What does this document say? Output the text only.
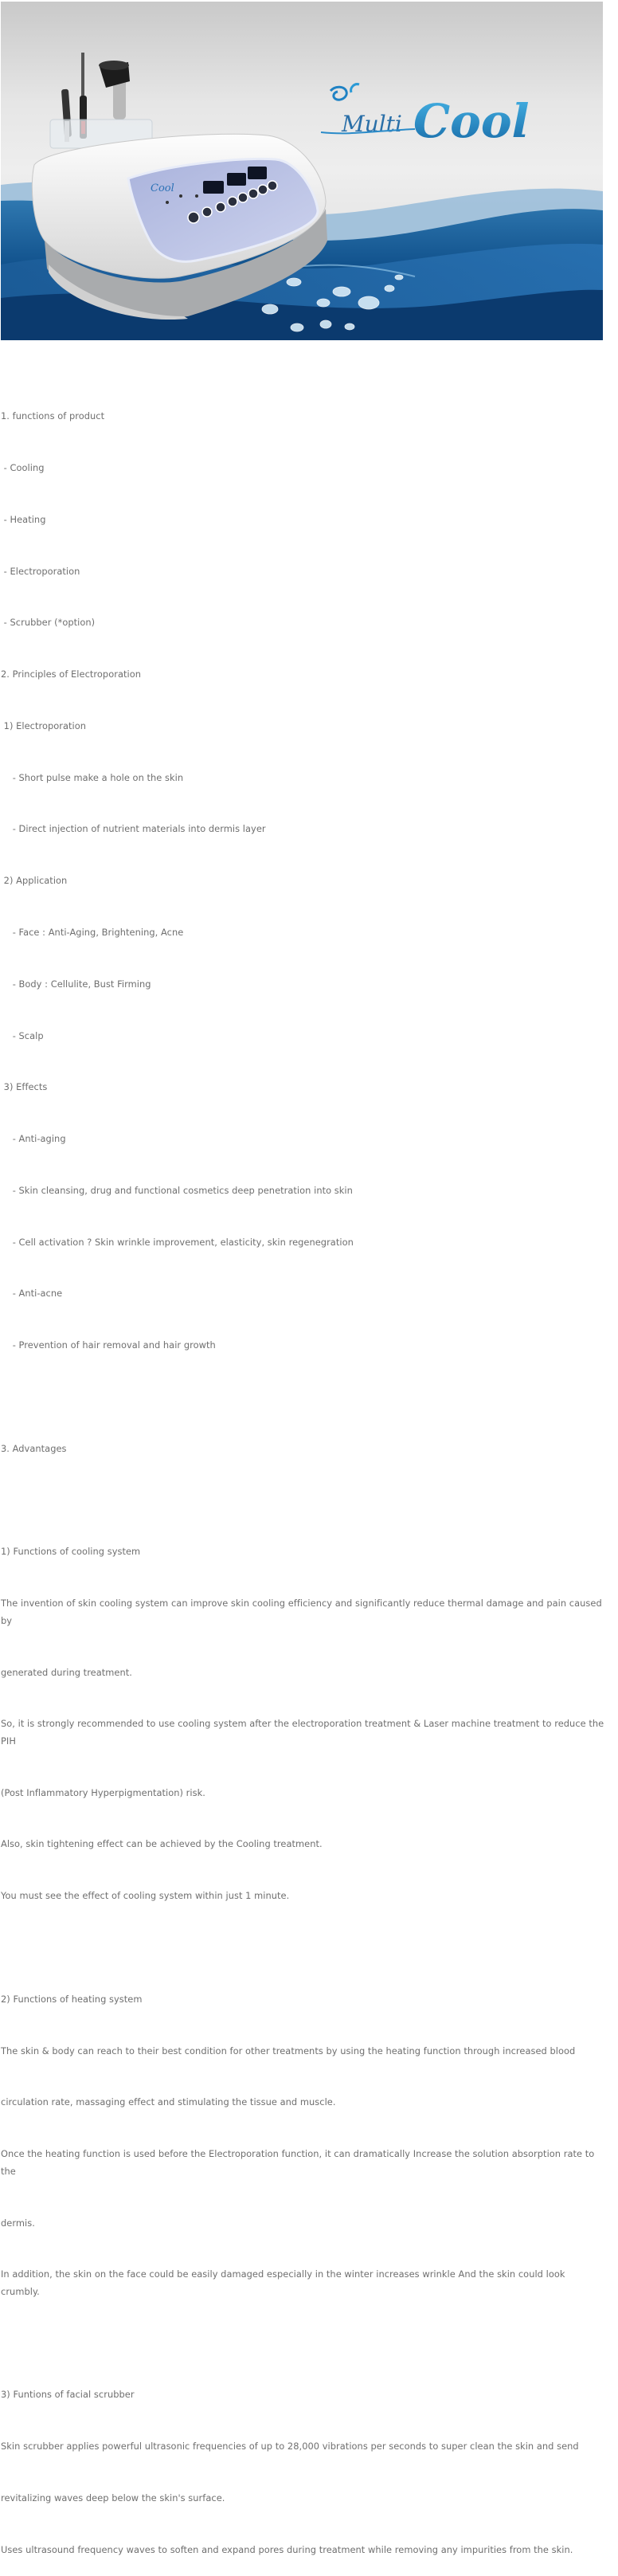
Cool
Multi Cool

1. functions of product

- Cooling

- Heating

- Electroporation

- Scrubber (*option)

2. Principles of Electroporation

1) Electroporation

- Short pulse make a hole on the skin

- Direct injection of nutrient materials into dermis layer

2) Application

- Face : Anti-Aging, Brightening, Acne

- Body : Cellulite, Bust Firming

- Scalp

3) Effects

- Anti-aging

- Skin cleansing, drug and functional cosmetics deep penetration into skin

- Cell activation ? Skin wrinkle improvement, elasticity, skin regenegration

- Anti-acne

- Prevention of hair removal and hair growth

3. Advantages

1) Functions of cooling system

The invention of skin cooling system can improve skin cooling efficiency and significantly reduce thermal damage and pain caused by

generated during treatment.

So, it is strongly recommended to use cooling system after the electroporation treatment & Laser machine treatment to reduce the PIH

(Post Inflammatory Hyperpigmentation) risk.

Also, skin tightening effect can be achieved by the Cooling treatment.

You must see the effect of cooling system within just 1 minute.

2) Functions of heating system

The skin & body can reach to their best condition for other treatments by using the heating function through increased blood

circulation rate, massaging effect and stimulating the tissue and muscle.

Once the heating function is used before the Electroporation function, it can dramatically Increase the solution absorption rate to the

dermis.

In addition, the skin on the face could be easily damaged especially in the winter increases wrinkle And the skin could look crumbly.

3) Funtions of facial scrubber

Skin scrubber applies powerful ultrasonic frequencies of up to 28,000 vibrations per seconds to super clean the skin and send

revitalizing waves deep below the skin's surface.

Uses ultrasound frequency waves to soften and expand pores during treatment while removing any impurities from the skin.
